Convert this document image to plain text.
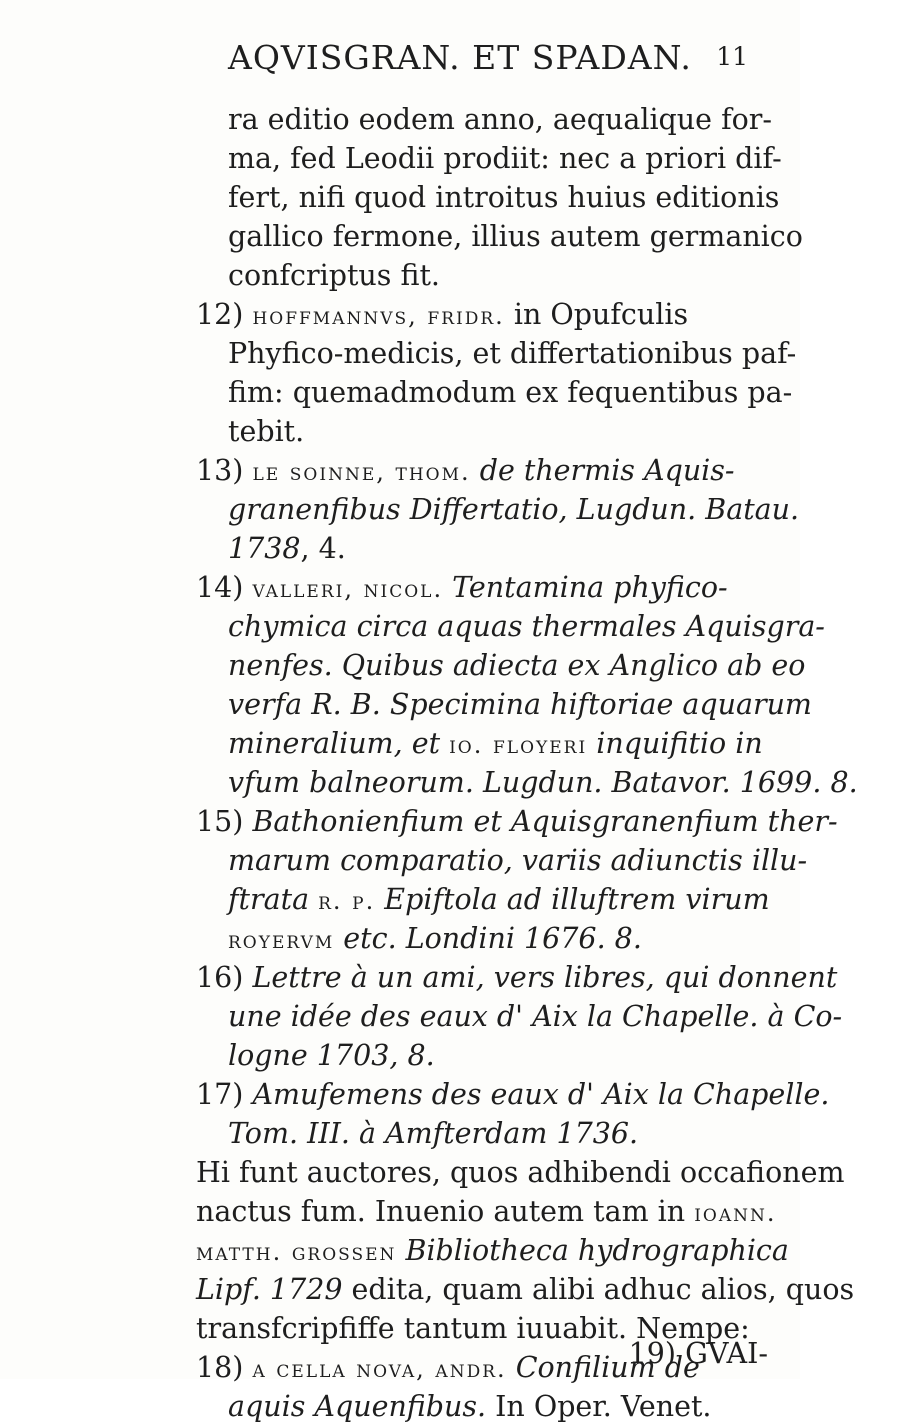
AQVISGRAN. ET SPADAN. 11
ra editio eodem anno, aequalique for-
ma, fed Leodii prodiit: nec a priori dif-
fert, nifi quod introitus huius editionis
gallico fermone, illius autem germanico
confcriptus fit.
12) hoffmannvs, fridr. in Opufculis
Phyfico-medicis, et differtationibus paf-
fim: quemadmodum ex fequentibus pa-
tebit.
13) le soinne, thom. de thermis Aquis-
granenfibus Differtatio, Lugdun. Batau.
1738, 4.
14) valleri, nicol. Tentamina phyfico-
chymica circa aquas thermales Aquisgra-
nenfes. Quibus adiecta ex Anglico ab eo
verfa R. B. Specimina hiftoriae aquarum
mineralium, et io. floyeri inquifitio in
vfum balneorum. Lugdun. Batavor. 1699. 8.
15) Bathonienfium et Aquisgranenfium ther-
marum comparatio, variis adiunctis illu-
ftrata r. p. Epiftola ad illuftrem virum
royervm etc. Londini 1676. 8.
16) Lettre à un ami, vers libres, qui donnent
une idée des eaux d' Aix la Chapelle. à Co-
logne 1703, 8.
17) Amufemens des eaux d' Aix la Chapelle.
Tom. III. à Amfterdam 1736.
Hi funt auctores, quos adhibendi occafionem
nactus fum. Inuenio autem tam in ioann.
matth. grossen Bibliotheca hydrographica
Lipf. 1729 edita, quam alibi adhuc alios, quos
transfcripfiffe tantum iuuabit. Nempe:
18) a cella nova, andr. Confilium de
aquis Aquenfibus. In Oper. Venet.
19) GVAI-
